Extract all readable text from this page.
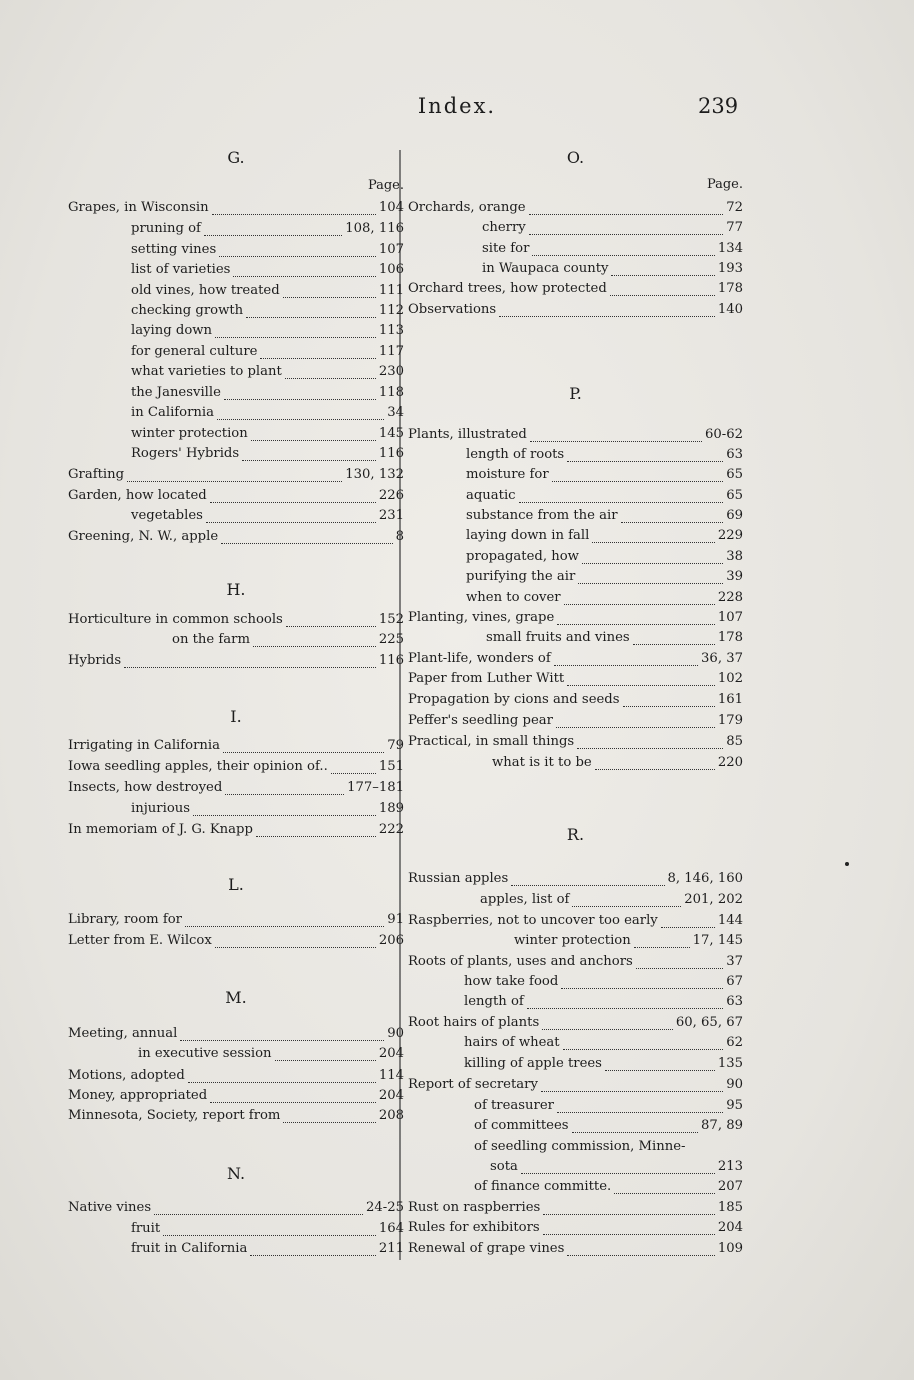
Index.	239
G.
Page.
Grapes, in Wisconsin	104
pruning of	108, 116
setting vines	107
list of varieties	106
old vines, how treated	111
checking growth	112
laying down	113
for general culture	117
what varieties to plant	230
the Janesville	118
in California	34
winter protection	145
Rogers' Hybrids	116
Grafting	130, 132
Garden, how located	226
vegetables	231
Greening, N. W., apple	8
H.
Horticulture in common schools	152
on the farm	225
Hybrids	116
I.
Irrigating in California	79
Iowa seedling apples, their opinion of..	151
Insects, how destroyed	177–181
injurious	189
In memoriam of J. G. Knapp	222
L.
Library, room for	91
Letter from E. Wilcox	206
M.
Meeting, annual	90
in executive session	204
Motions, adopted	114
Money, appropriated	204
Minnesota, Society, report from	208
N.
Native vines	24-25
fruit	164
fruit in California	211
O.
Page.
Orchards, orange	72
cherry	77
site for	134
in Waupaca county	193
Orchard trees, how protected	178
Observations	140
P.
Plants, illustrated	60-62
length of roots	63
moisture for	65
aquatic	65
substance from the air	69
laying down in fall	229
propagated, how	38
purifying the air	39
when to cover	228
Planting, vines, grape	107
small fruits and vines	178
Plant-life, wonders of	36, 37
Paper from Luther Witt	102
Propagation by cions and seeds	161
Peffer's seedling pear	179
Practical, in small things	85
what is it to be	220
R.
Russian apples	8, 146, 160
apples, list of	201, 202
Raspberries, not to uncover too early	144
winter protection	17, 145
Roots of plants, uses and anchors	37
how take food	67
length of	63
Root hairs of plants	60, 65, 67
hairs of wheat	62
killing of apple trees	135
Report of secretary	90
of treasurer	95
of committees	87, 89
of seedling commission, Minne-
sota	213
of finance committe.	207
Rust on raspberries	185
Rules for exhibitors	204
Renewal of grape vines	109
